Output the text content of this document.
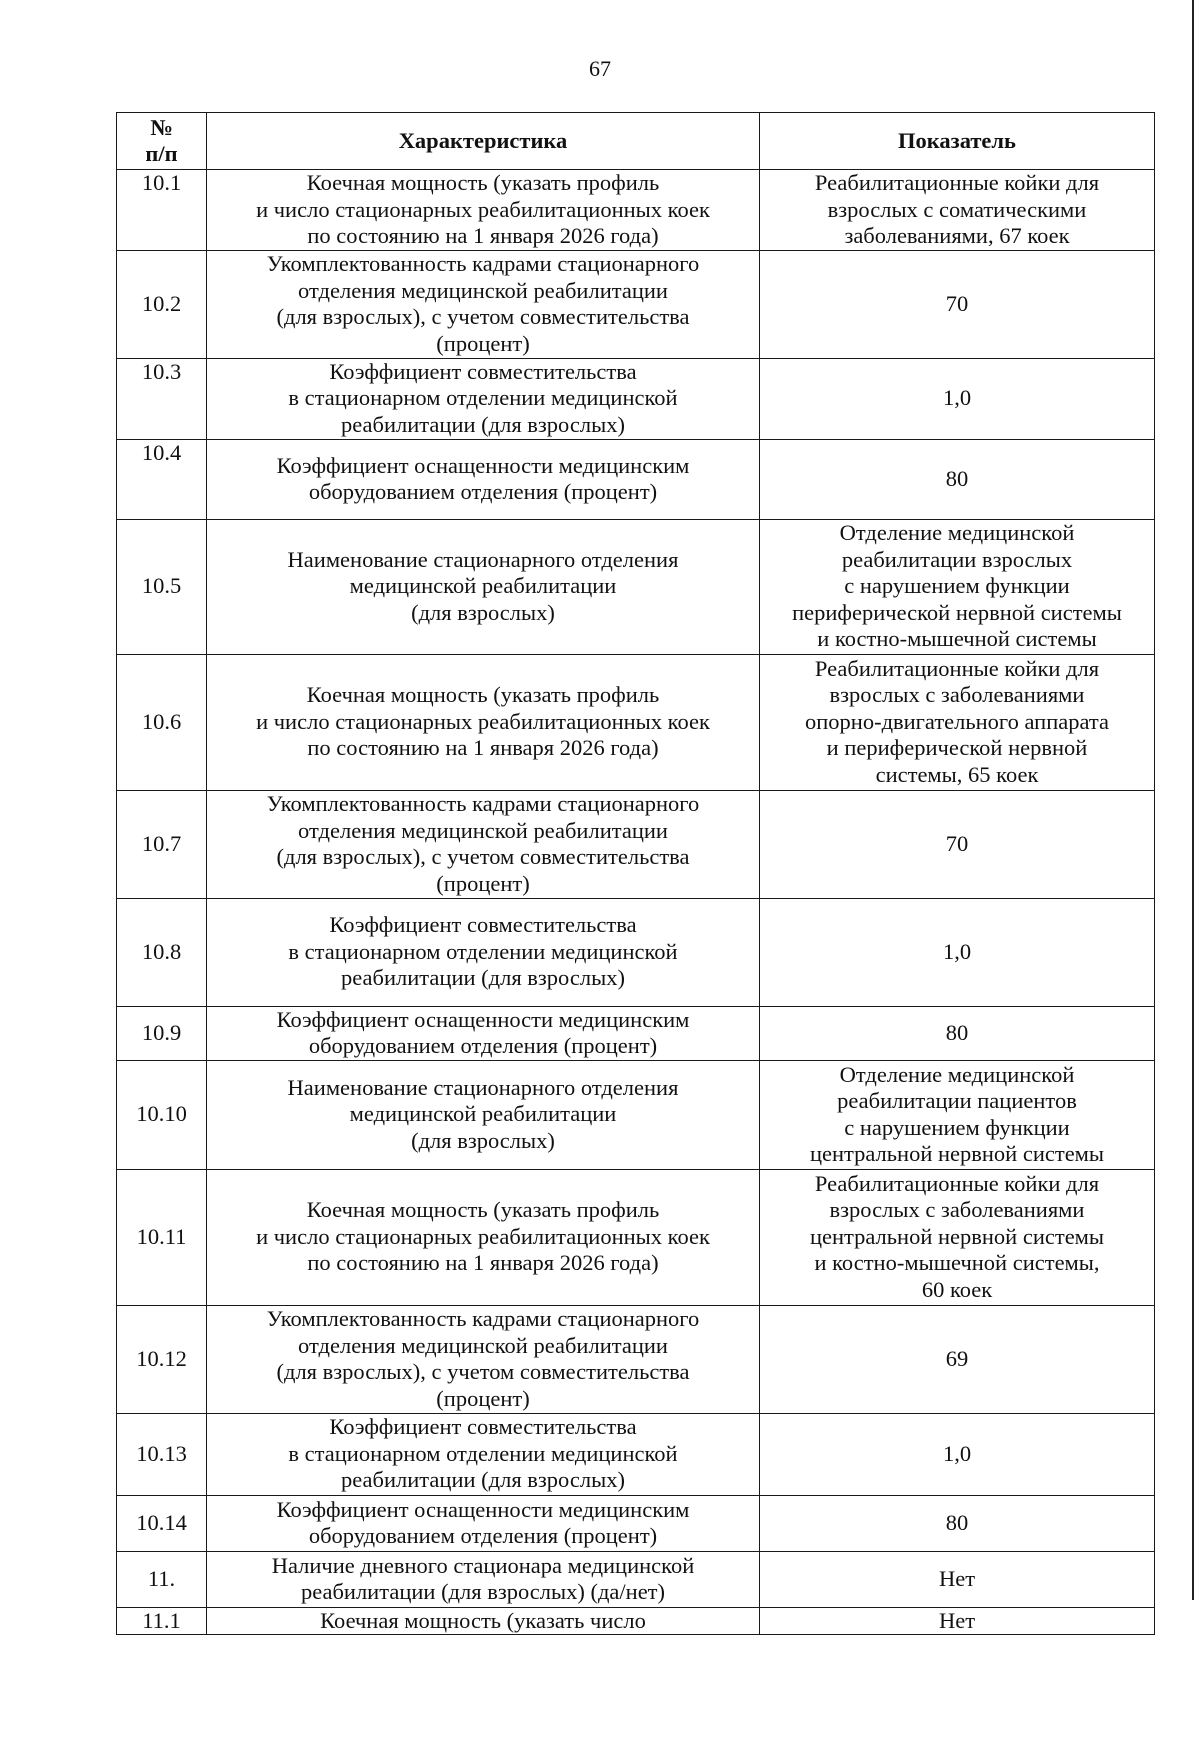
67
№
п/п	Характеристика	Показатель
10.1	Коечная мощность (указать профиль
и число стационарных реабилитационных коек
по состоянию на 1 января 2026 года)	Реабилитационные койки для
взрослых с соматическими
заболеваниями, 67 коек
10.2	Укомплектованность кадрами стационарного
отделения медицинской реабилитации
(для взрослых), с учетом совместительства
(процент)	70
10.3	Коэффициент совместительства
в стационарном отделении медицинской
реабилитации (для взрослых)	1,0
10.4	Коэффициент оснащенности медицинским
оборудованием отделения (процент)	80
10.5	Наименование стационарного отделения
медицинской реабилитации
(для взрослых)	Отделение медицинской
реабилитации взрослых
с нарушением функции
периферической нервной системы
и костно-мышечной системы
10.6	Коечная мощность (указать профиль
и число стационарных реабилитационных коек
по состоянию на 1 января 2026 года)	Реабилитационные койки для
взрослых с заболеваниями
опорно-двигательного аппарата
и периферической нервной
системы, 65 коек
10.7	Укомплектованность кадрами стационарного
отделения медицинской реабилитации
(для взрослых), с учетом совместительства
(процент)	70
10.8	Коэффициент совместительства
в стационарном отделении медицинской
реабилитации (для взрослых)	1,0
10.9	Коэффициент оснащенности медицинским
оборудованием отделения (процент)	80
10.10	Наименование стационарного отделения
медицинской реабилитации
(для взрослых)	Отделение медицинской
реабилитации пациентов
с нарушением функции
центральной нервной системы
10.11	Коечная мощность (указать профиль
и число стационарных реабилитационных коек
по состоянию на 1 января 2026 года)	Реабилитационные койки для
взрослых с заболеваниями
центральной нервной системы
и костно-мышечной системы,
60 коек
10.12	Укомплектованность кадрами стационарного
отделения медицинской реабилитации
(для взрослых), с учетом совместительства
(процент)	69
10.13	Коэффициент совместительства
в стационарном отделении медицинской
реабилитации (для взрослых)	1,0
10.14	Коэффициент оснащенности медицинским
оборудованием отделения (процент)	80
11.	Наличие дневного стационара медицинской
реабилитации (для взрослых) (да/нет)	Нет
11.1	Коечная мощность (указать число	Нет
